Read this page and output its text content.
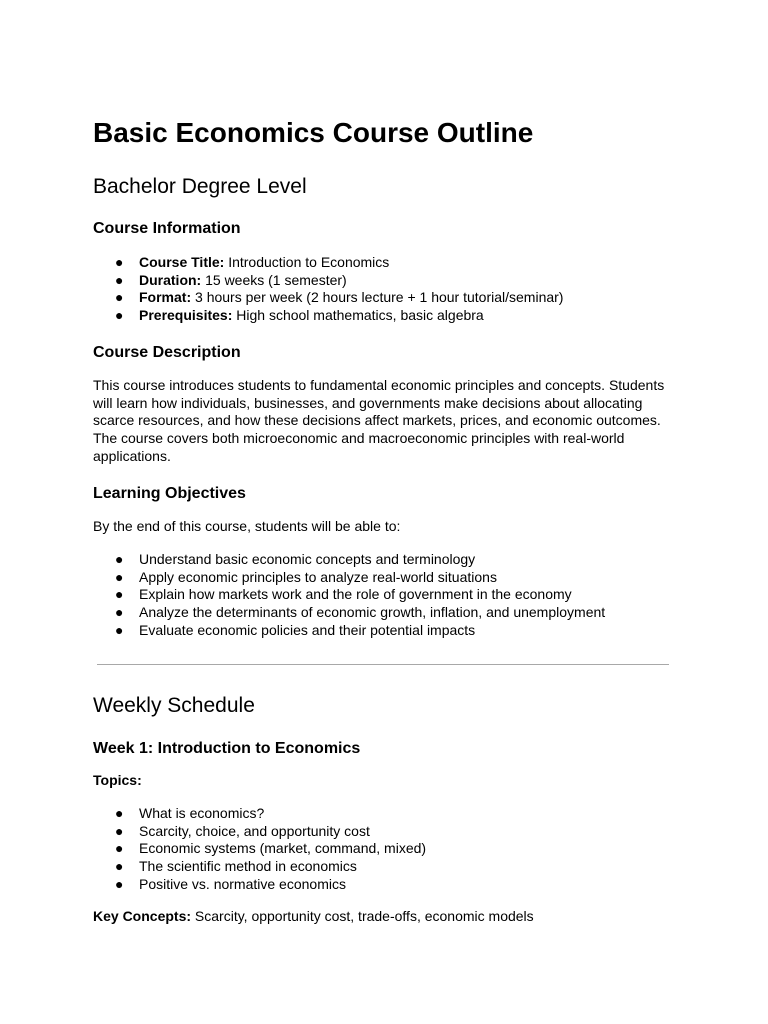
Basic Economics Course Outline
Bachelor Degree Level
Course Information
● Course Title: Introduction to Economics
● Duration: 15 weeks (1 semester)
● Format: 3 hours per week (2 hours lecture + 1 hour tutorial/seminar)
● Prerequisites: High school mathematics, basic algebra
Course Description

This course introduces students to fundamental economic principles and concepts. Students will learn how individuals, businesses, and governments make decisions about allocating scarce resources, and how these decisions affect markets, prices, and economic outcomes. The course covers both microeconomic and macroeconomic principles with real-world applications.

Learning Objectives

By the end of this course, students will be able to:

● Understand basic economic concepts and terminology
● Apply economic principles to analyze real-world situations
● Explain how markets work and the role of government in the economy
● Analyze the determinants of economic growth, inflation, and unemployment
● Evaluate economic policies and their potential impacts
Weekly Schedule
Week 1: Introduction to Economics

Topics:

● What is economics?
● Scarcity, choice, and opportunity cost
● Economic systems (market, command, mixed)
● The scientific method in economics
● Positive vs. normative economics

Key Concepts: Scarcity, opportunity cost, trade-offs, economic models
